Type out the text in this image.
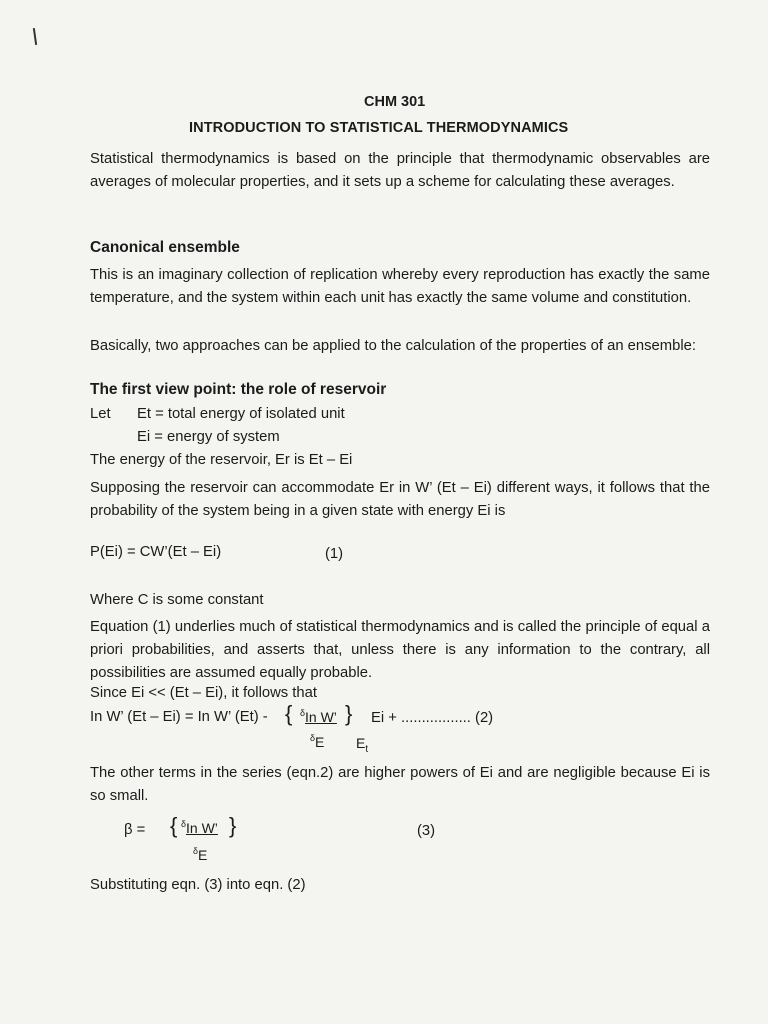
CHM 301
INTRODUCTION TO STATISTICAL THERMODYNAMICS
Statistical thermodynamics is based on the principle that thermodynamic observables are averages of molecular properties, and it sets up a scheme for calculating these averages.
Canonical ensemble
This is an imaginary collection of replication whereby every reproduction has exactly the same temperature, and the system within each unit has exactly the same volume and constitution.
Basically, two approaches can be applied to the calculation of the properties of an ensemble:
The first view point: the role of reservoir
Let Et = total energy of isolated unit
Ei = energy of system
The energy of the reservoir, Er is Et – Ei
Supposing the reservoir can accommodate Er in W’ (Et – Ei) different ways, it follows that the probability of the system being in a given state with energy Ei is
P(Ei) = CW’(Et – Ei)	(1)
Where C is some constant
Equation (1) underlies much of statistical thermodynamics and is called the principle of equal a priori probabilities, and asserts that, unless there is any information to the contrary, all possibilities are assumed equally probable.
Since Ei << (Et – Ei), it follows that
In W’ (Et – Ei) = In W’ (Et) - { $^\delta$In W’
$^\delta$E
}
$E_t$
Ei + ................. (2)
The other terms in the series (eqn.2) are higher powers of Ei and are negligible because Ei is so small.
β = { $^\delta$In W’ }
$^\delta$E
(3)
Substituting eqn. (3) into eqn. (2)
